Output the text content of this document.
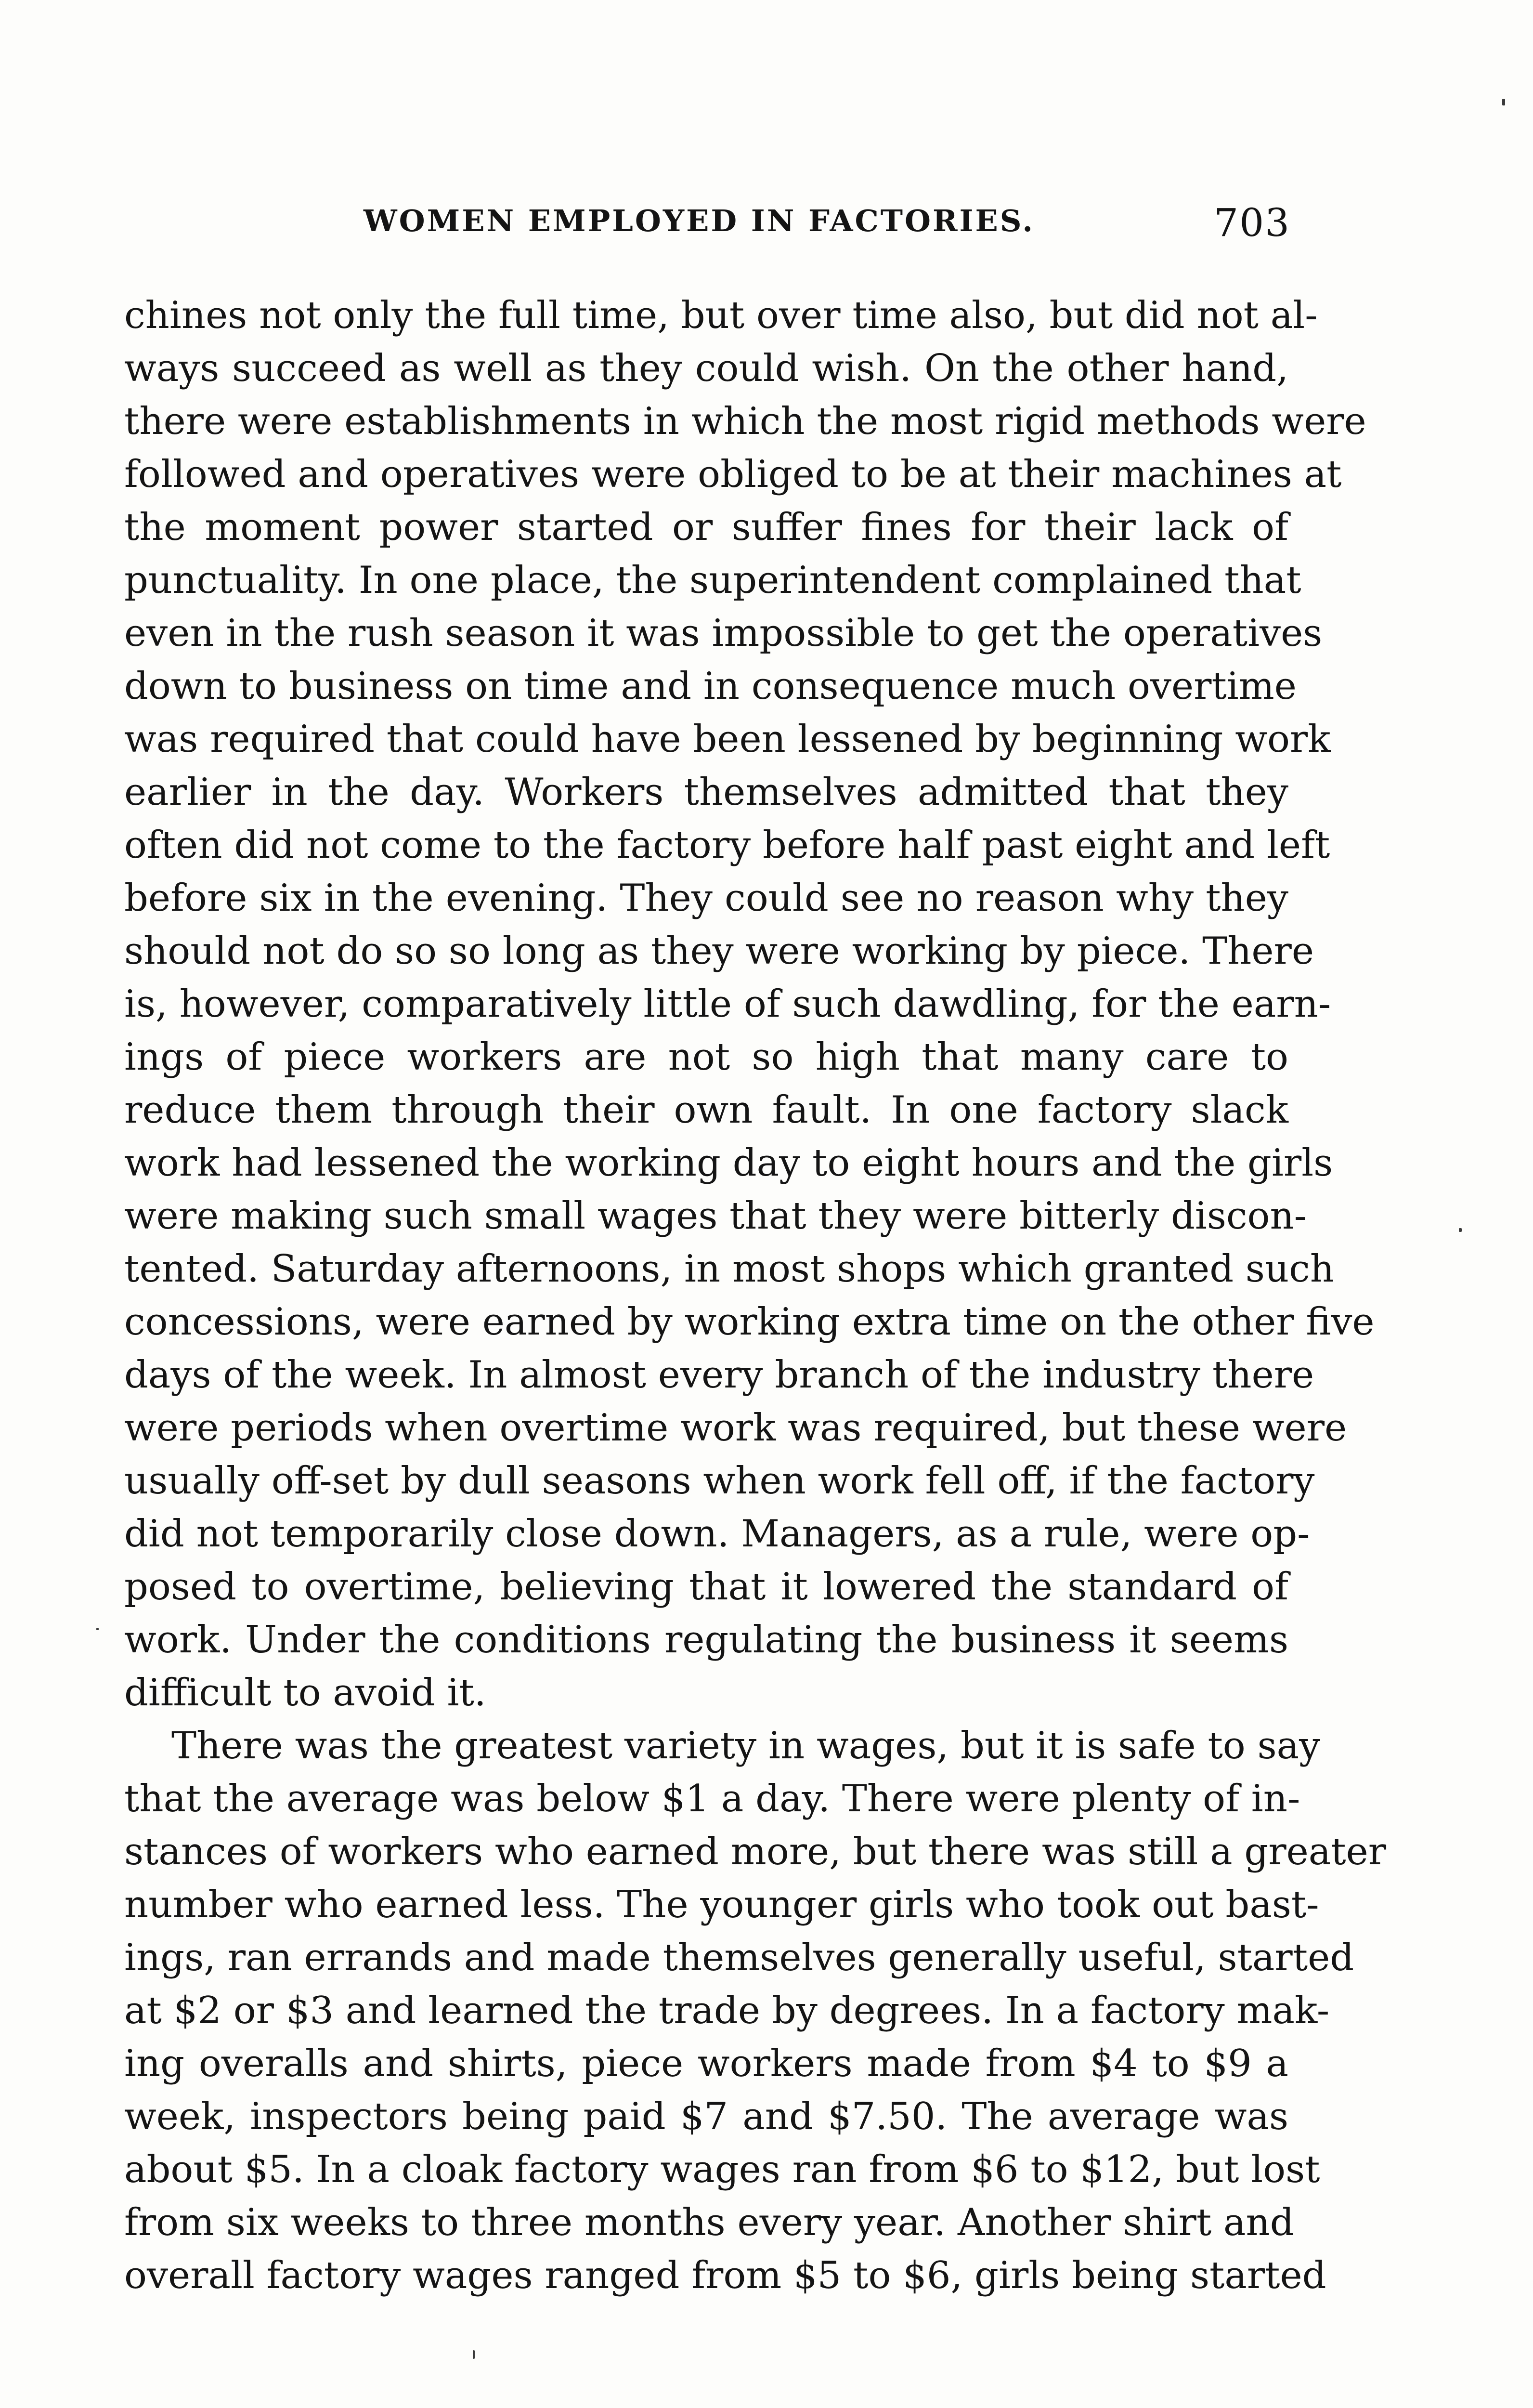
WOMEN EMPLOYED IN FACTORIES.	703
chines not only the full time, but over time also, but did not al-
ways succeed as well as they could wish. On the other hand,
there were establishments in which the most rigid methods were
followed and operatives were obliged to be at their machines at
the moment power started or suffer fines for their lack of
punctuality. In one place, the superintendent complained that
even in the rush season it was impossible to get the operatives
down to business on time and in consequence much overtime
was required that could have been lessened by beginning work
earlier in the day. Workers themselves admitted that they
often did not come to the factory before half past eight and left
before six in the evening. They could see no reason why they
should not do so so long as they were working by piece. There
is, however, comparatively little of such dawdling, for the earn-
ings of piece workers are not so high that many care to
reduce them through their own fault. In one factory slack
work had lessened the working day to eight hours and the girls
were making such small wages that they were bitterly discon-
tented. Saturday afternoons, in most shops which granted such
concessions, were earned by working extra time on the other five
days of the week. In almost every branch of the industry there
were periods when overtime work was required, but these were
usually off-set by dull seasons when work fell off, if the factory
did not temporarily close down. Managers, as a rule, were op-
posed to overtime, believing that it lowered the standard of
work. Under the conditions regulating the business it seems
difficult to avoid it.
There was the greatest variety in wages, but it is safe to say
that the average was below $1 a day. There were plenty of in-
stances of workers who earned more, but there was still a greater
number who earned less. The younger girls who took out bast-
ings, ran errands and made themselves generally useful, started
at $2 or $3 and learned the trade by degrees. In a factory mak-
ing overalls and shirts, piece workers made from $4 to $9 a
week, inspectors being paid $7 and $7.50. The average was
about $5. In a cloak factory wages ran from $6 to $12, but lost
from six weeks to three months every year. Another shirt and
overall factory wages ranged from $5 to $6, girls being started
